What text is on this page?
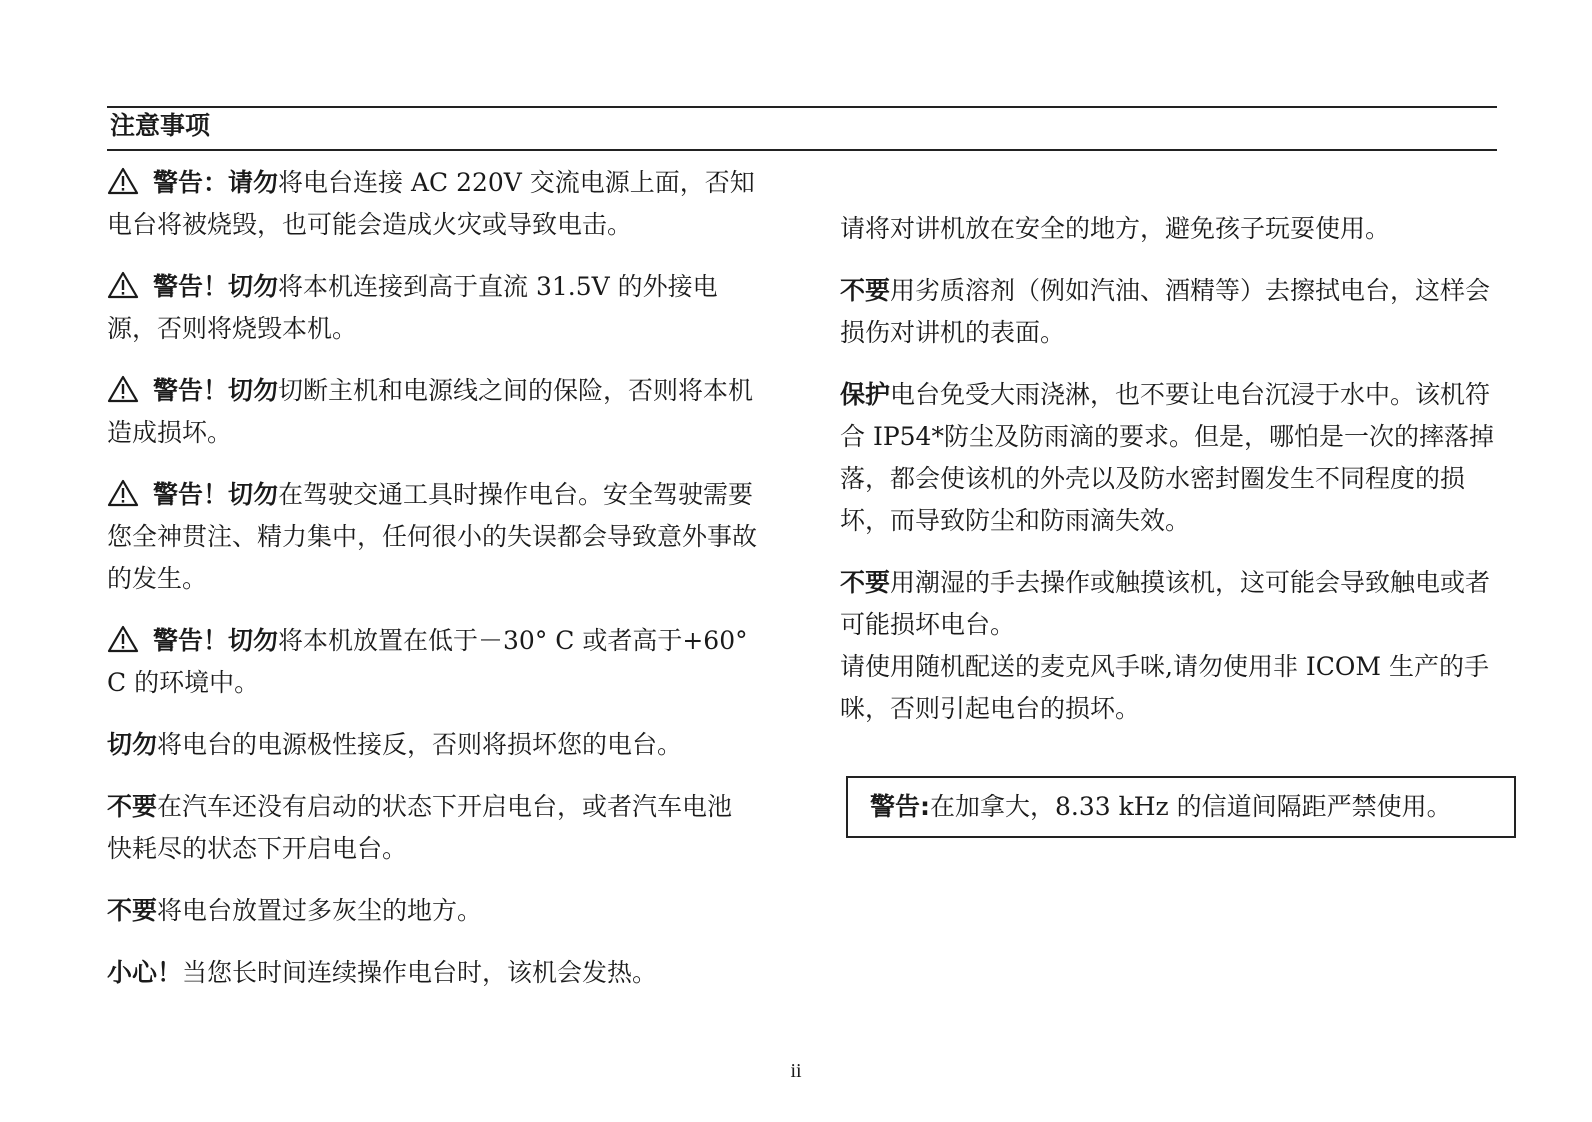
注意事项

警告：请勿将电台连接 AC 220V 交流电源上面，否知电台将被烧毁，也可能会造成火灾或导致电击。

警告！切勿将本机连接到高于直流 31.5V 的外接电源，否则将烧毁本机。

警告！切勿切断主机和电源线之间的保险，否则将本机造成损坏。

警告！切勿在驾驶交通工具时操作电台。安全驾驶需要您全神贯注、精力集中，任何很小的失误都会导致意外事故的发生。

警告！切勿将本机放置在低于－30° C 或者高于+60° C 的环境中。

切勿将电台的电源极性接反，否则将损坏您的电台。

不要在汽车还没有启动的状态下开启电台，或者汽车电池快耗尽的状态下开启电台。

不要将电台放置过多灰尘的地方。

小心！当您长时间连续操作电台时，该机会发热。

请将对讲机放在安全的地方，避免孩子玩耍使用。

不要用劣质溶剂（例如汽油、酒精等）去擦拭电台，这样会损伤对讲机的表面。

保护电台免受大雨浇淋，也不要让电台沉浸于水中。该机符合 IP54*防尘及防雨滴的要求。但是，哪怕是一次的摔落掉落，都会使该机的外壳以及防水密封圈发生不同程度的损坏，而导致防尘和防雨滴失效。

不要用潮湿的手去操作或触摸该机，这可能会导致触电或者可能损坏电台。

请使用随机配送的麦克风手咪,请勿使用非 ICOM 生产的手咪，否则引起电台的损坏。

警告:在加拿大，8.33 kHz 的信道间隔距严禁使用。
ii
